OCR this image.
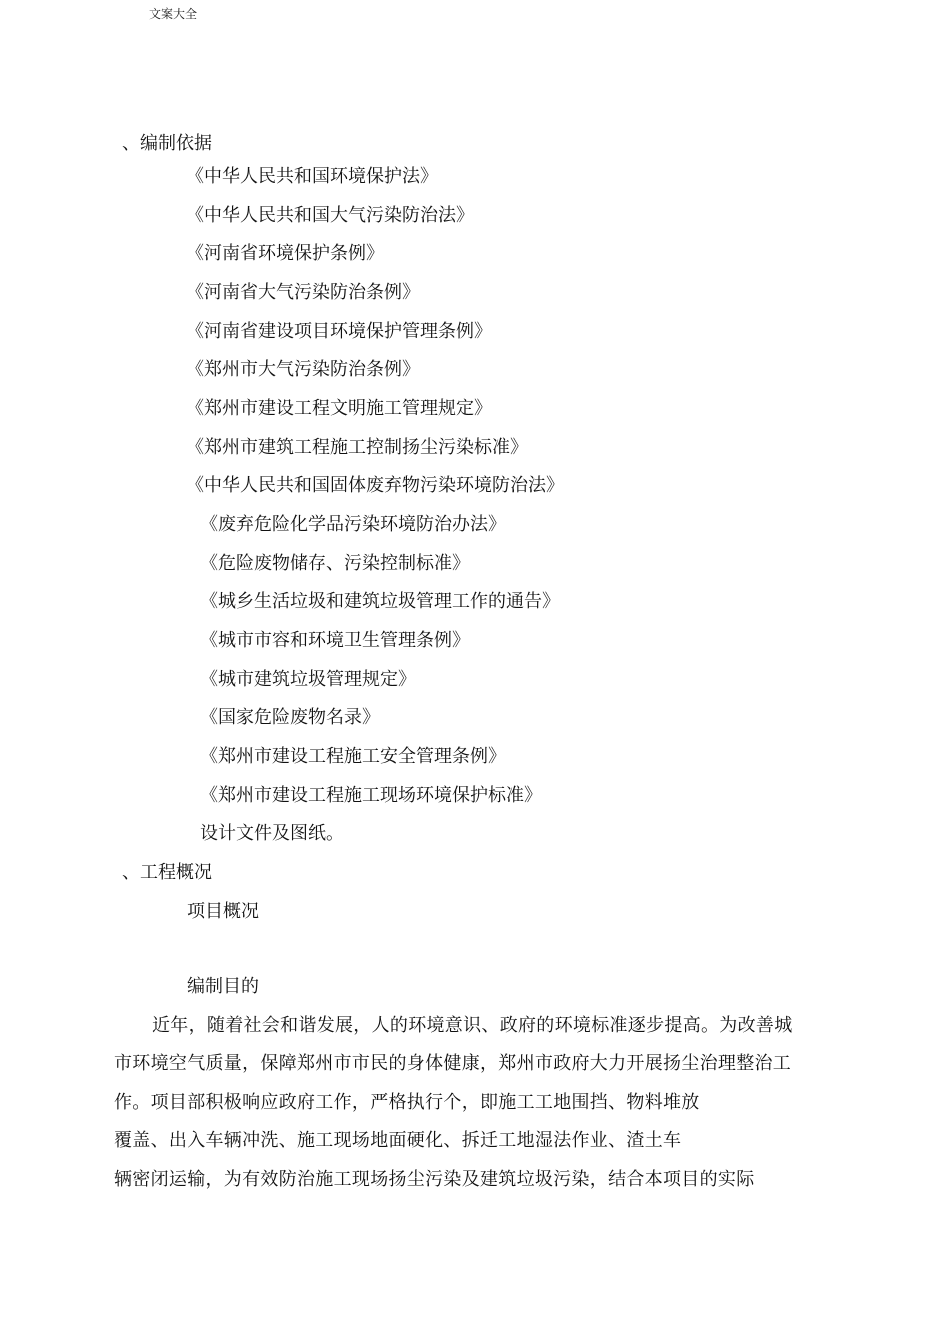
文案大全
、编制依据
《中华人民共和国环境保护法》
《中华人民共和国大气污染防治法》
《河南省环境保护条例》
《河南省大气污染防治条例》
《河南省建设项目环境保护管理条例》
《郑州市大气污染防治条例》
《郑州市建设工程文明施工管理规定》
《郑州市建筑工程施工控制扬尘污染标准》
《中华人民共和国固体废弃物污染环境防治法》
《废弃危险化学品污染环境防治办法》
《危险废物储存、污染控制标准》
《城乡生活垃圾和建筑垃圾管理工作的通告》
《城市市容和环境卫生管理条例》
《城市建筑垃圾管理规定》
《国家危险废物名录》
《郑州市建设工程施工安全管理条例》
《郑州市建设工程施工现场环境保护标准》
设计文件及图纸。
、工程概况
项目概况
编制目的
近年，随着社会和谐发展，人的环境意识、政府的环境标准逐步提高。为改善城
市环境空气质量，保障郑州市市民的身体健康，郑州市政府大力开展扬尘治理整治工
作。项目部积极响应政府工作，严格执行个，即施工工地围挡、物料堆放
覆盖、出入车辆冲洗、施工现场地面硬化、拆迁工地湿法作业、渣土车
辆密闭运输，为有效防治施工现场扬尘污染及建筑垃圾污染，结合本项目的实际
